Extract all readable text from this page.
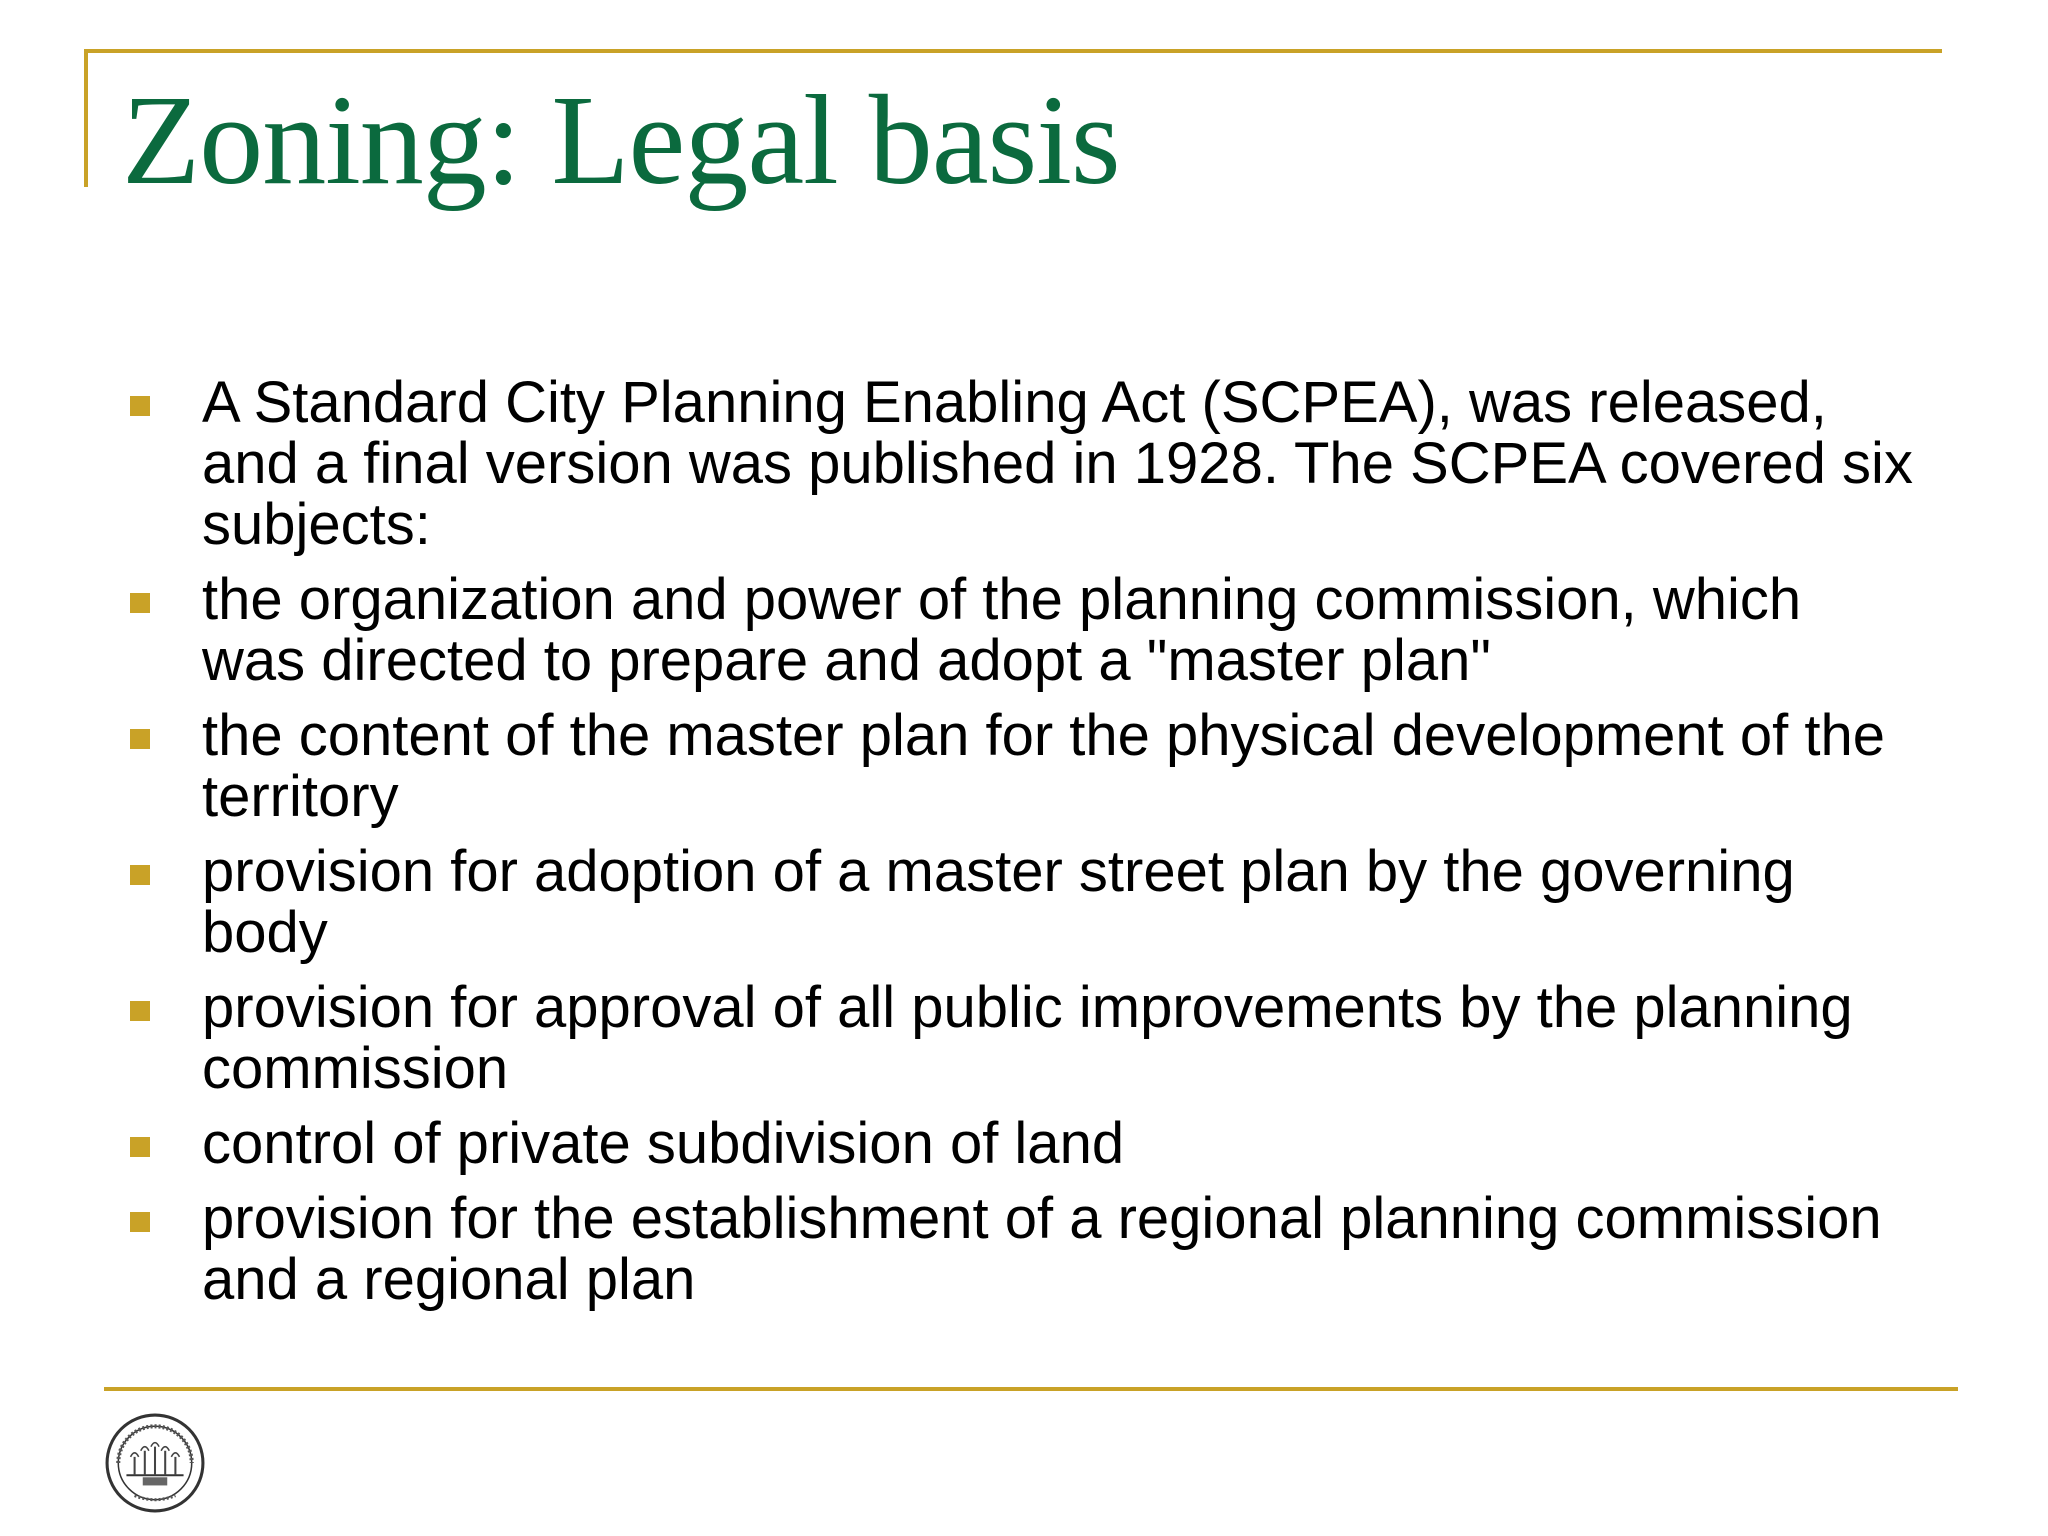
Zoning: Legal basis
A Standard City Planning Enabling Act (SCPEA), was released, and a final version was published in 1928. The SCPEA covered six subjects:
the organization and power of the planning commission, which was directed to prepare and adopt a "master plan"
the content of the master plan for the physical development of the territory
provision for adoption of a master street plan by the governing body
provision for approval of all public improvements by the planning commission
control of private subdivision of land
provision for the establishment of a regional planning commission and a regional plan
